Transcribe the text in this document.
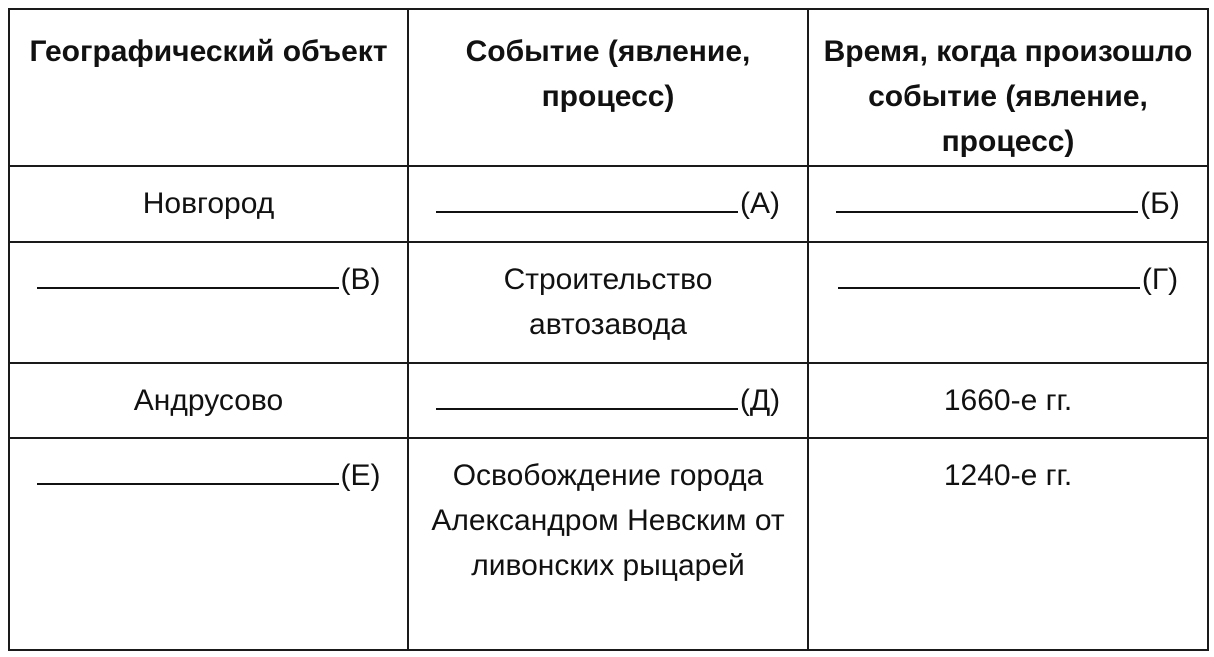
Географический объект	Событие (явление, процесс)	Время, когда произошло событие (явление, процесс)
Новгород	(А)	(Б)
(В)	Строительство автозавода	(Г)
Андрусово	(Д)	1660-е гг.
(Е)	Освобождение города Александром Невским от ливонских рыцарей	1240-е гг.
